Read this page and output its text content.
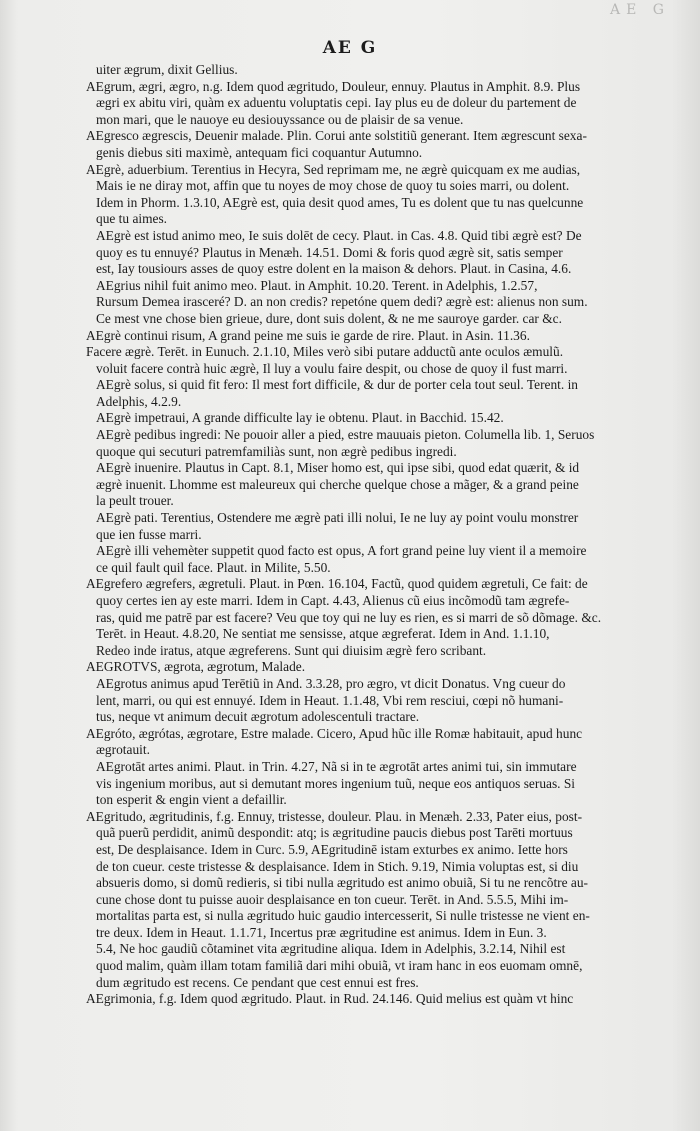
AE G
AE G
uiter ægrum, dixit Gellius.
AEgrum, ægri, ægro, n.g. Idem quod ægritudo, Douleur, ennuy. Plautus in Amphit. 8.9. Plus
ægri ex abitu viri, quàm ex aduentu voluptatis cepi. Iay plus eu de doleur du partement de
mon mari, que le nauoye eu desiouyssance ou de plaisir de sa venue.
AEgresco ægrescis, Deuenir malade. Plin. Corui ante solstitiũ generant. Item ægrescunt sexa-
genis diebus siti maximè, antequam fici coquantur Autumno.
AEgrè, aduerbium. Terentius in Hecyra, Sed reprimam me, ne ægrè quicquam ex me audias,
Mais ie ne diray mot, affin que tu noyes de moy chose de quoy tu soies marri, ou dolent.
Idem in Phorm. 1.3.10, AEgrè est, quia desit quod ames, Tu es dolent que tu nas quelcunne
que tu aimes.
AEgrè est istud animo meo, Ie suis dolēt de cecy. Plaut. in Cas. 4.8. Quid tibi ægrè est? De
quoy es tu ennuyé? Plautus in Menæh. 14.51. Domi & foris quod ægrè sit, satis semper
est, Iay tousiours asses de quoy estre dolent en la maison & dehors. Plaut. in Casina, 4.6.
AEgrius nihil fuit animo meo. Plaut. in Amphit. 10.20. Terent. in Adelphis, 1.2.57,
Rursum Demea irasceré? D. an non credis? repetóne quem dedi? ægrè est: alienus non sum.
Ce mest vne chose bien grieue, dure, dont suis dolent, & ne me sauroye garder. car &c.
AEgrè continui risum, A grand peine me suis ie garde de rire. Plaut. in Asin. 11.36.
Facere ægrè. Terēt. in Eunuch. 2.1.10, Miles verò sibi putare adductũ ante oculos æmulũ.
voluit facere contrà huic ægrè, Il luy a voulu faire despit, ou chose de quoy il fust marri.
AEgrè solus, si quid fit fero: Il mest fort difficile, & dur de porter cela tout seul. Terent. in
Adelphis, 4.2.9.
AEgrè impetraui, A grande difficulte lay ie obtenu. Plaut. in Bacchid. 15.42.
AEgrè pedibus ingredi: Ne pouoir aller a pied, estre mauuais pieton. Columella lib. 1, Seruos
quoque qui secuturi patremfamiliàs sunt, non ægrè pedibus ingredi.
AEgrè inuenire. Plautus in Capt. 8.1, Miser homo est, qui ipse sibi, quod edat quærit, & id
ægrè inuenit. Lhomme est maleureux qui cherche quelque chose a mãger, & a grand peine
la peult trouer.
AEgrè pati. Terentius, Ostendere me ægrè pati illi nolui, Ie ne luy ay point voulu monstrer
que ien fusse marri.
AEgrè illi vehemèter suppetit quod facto est opus, A fort grand peine luy vient il a memoire
ce quil fault quil face. Plaut. in Milite, 5.50.
AEgrefero ægrefers, ægretuli. Plaut. in Pœn. 16.104, Factũ, quod quidem ægretuli, Ce fait: de
quoy certes ien ay este marri. Idem in Capt. 4.43, Alienus cũ eius incõmodũ tam ægrefe-
ras, quid me patrē par est facere? Veu que toy qui ne luy es rien, es si marri de sõ dõmage. &c.
Terēt. in Heaut. 4.8.20, Ne sentiat me sensisse, atque ægreferat. Idem in And. 1.1.10,
Redeo inde iratus, atque ægreferens. Sunt qui diuisim ægrè fero scribant.
AEGROTVS, ægrota, ægrotum, Malade.
AEgrotus animus apud Terētiũ in And. 3.3.28, pro ægro, vt dicit Donatus. Vng cueur do
lent, marri, ou qui est ennuyé. Idem in Heaut. 1.1.48, Vbi rem resciui, cœpi nõ humani-
tus, neque vt animum decuit ægrotum adolescentuli tractare.
AEgróto, ægrótas, ægrotare, Estre malade. Cicero, Apud hũc ille Romæ habitauit, apud hunc
ægrotauit.
AEgrotāt artes animi. Plaut. in Trin. 4.27, Nã si in te ægrotāt artes animi tui, sin immutare
vis ingenium moribus, aut si demutant mores ingenium tuũ, neque eos antiquos seruas. Si
ton esperit & engin vient a defaillir.
AEgritudo, ægritudinis, f.g. Ennuy, tristesse, douleur. Plau. in Menæh. 2.33, Pater eius, post-
quã puerũ perdidit, animũ despondit: atq; is ægritudine paucis diebus post Tarēti mortuus
est, De desplaisance. Idem in Curc. 5.9, AEgritudinē istam exturbes ex animo. Iette hors
de ton cueur. ceste tristesse & desplaisance. Idem in Stich. 9.19, Nimia voluptas est, si diu
absueris domo, si domũ redieris, si tibi nulla ægritudo est animo obuiã, Si tu ne rencõtre au-
cune chose dont tu puisse auoir desplaisance en ton cueur. Terēt. in And. 5.5.5, Mihi im-
mortalitas parta est, si nulla ægritudo huic gaudio intercesserit, Si nulle tristesse ne vient en-
tre deux. Idem in Heaut. 1.1.71, Incertus præ ægritudine est animus. Idem in Eun. 3.
5.4, Ne hoc gaudiũ cõtaminet vita ægritudine aliqua. Idem in Adelphis, 3.2.14, Nihil est
quod malim, quàm illam totam familiã dari mihi obuiã, vt iram hanc in eos euomam omnē,
dum ægritudo est recens. Ce pendant que cest ennui est fres.
AEgrimonia, f.g. Idem quod ægritudo. Plaut. in Rud. 24.146. Quid melius est quàm vt hinc
